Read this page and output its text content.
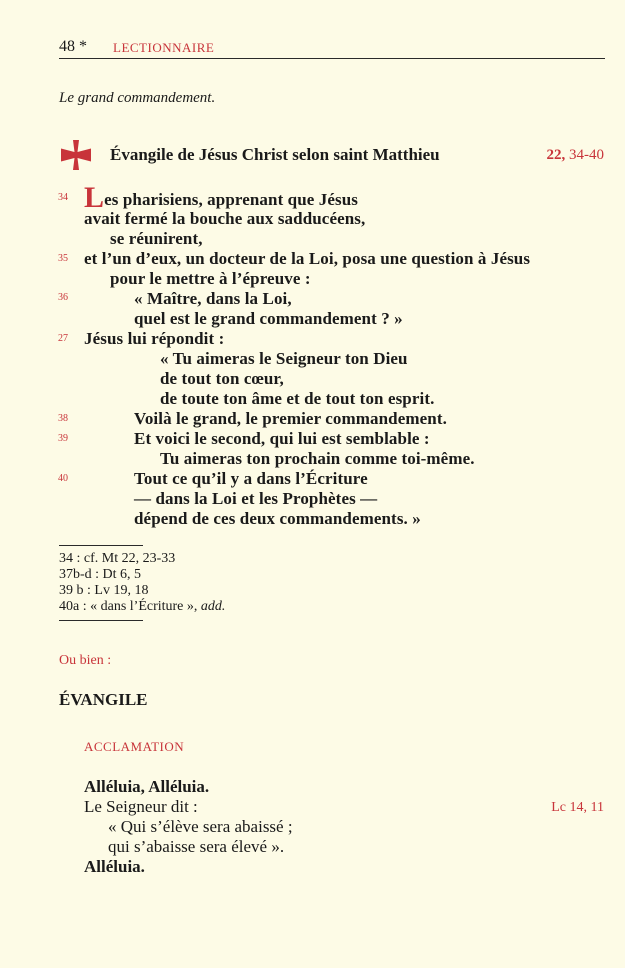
48 * LECTIONNAIRE
Le grand commandement.
Évangile de Jésus Christ selon saint Matthieu	22, 34-40
34
35
36
27
38
39
40
Les pharisiens, apprenant que Jésus
avait fermé la bouche aux sadducéens,
se réunirent,
et l’un d’eux, un docteur de la Loi, posa une question à Jésus
pour le mettre à l’épreuve :
« Maître, dans la Loi,
quel est le grand commandement ? »
Jésus lui répondit :
« Tu aimeras le Seigneur ton Dieu
de tout ton cœur,
de toute ton âme et de tout ton esprit.
Voilà le grand, le premier commandement.
Et voici le second, qui lui est semblable :
Tu aimeras ton prochain comme toi-même.
Tout ce qu’il y a dans l’Écriture
— dans la Loi et les Prophètes —
dépend de ces deux commandements. »
34 : cf. Mt 22, 23-33
37b-d : Dt 6, 5
39 b : Lv 19, 18
40a : « dans l’Écriture », add.
Ou bien :
ÉVANGILE
ACCLAMATION
Alléluia, Alléluia.
Le Seigneur dit :
« Qui s’élève sera abaissé ;
qui s’abaisse sera élevé ».
Alléluia.
Lc 14, 11
